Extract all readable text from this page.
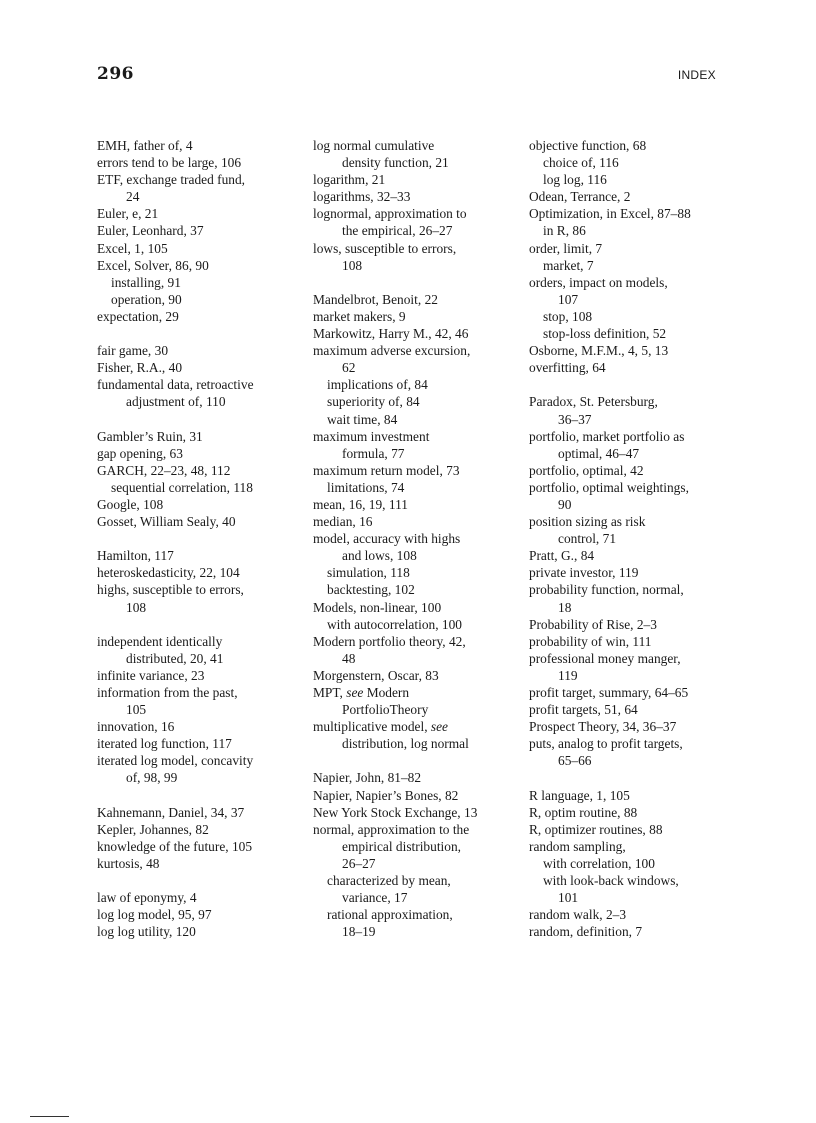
296	INDEX
EMH, father of, 4
errors tend to be large, 106
ETF, exchange traded fund,
24
Euler, e, 21
Euler, Leonhard, 37
Excel, 1, 105
Excel, Solver, 86, 90
installing, 91
operation, 90
expectation, 29
fair game, 30
Fisher, R.A., 40
fundamental data, retroactive
adjustment of, 110
Gambler’s Ruin, 31
gap opening, 63
GARCH, 22–23, 48, 112
sequential correlation, 118
Google, 108
Gosset, William Sealy, 40
Hamilton, 117
heteroskedasticity, 22, 104
highs, susceptible to errors,
108
independent identically
distributed, 20, 41
infinite variance, 23
information from the past,
105
innovation, 16
iterated log function, 117
iterated log model, concavity
of, 98, 99
Kahnemann, Daniel, 34, 37
Kepler, Johannes, 82
knowledge of the future, 105
kurtosis, 48
law of eponymy, 4
log log model, 95, 97
log log utility, 120
log normal cumulative
density function, 21
logarithm, 21
logarithms, 32–33
lognormal, approximation to
the empirical, 26–27
lows, susceptible to errors,
108
Mandelbrot, Benoit, 22
market makers, 9
Markowitz, Harry M., 42, 46
maximum adverse excursion,
62
implications of, 84
superiority of, 84
wait time, 84
maximum investment
formula, 77
maximum return model, 73
limitations, 74
mean, 16, 19, 111
median, 16
model, accuracy with highs
and lows, 108
simulation, 118
backtesting, 102
Models, non-linear, 100
with autocorrelation, 100
Modern portfolio theory, 42,
48
Morgenstern, Oscar, 83
MPT, see Modern
PortfolioTheory
multiplicative model, see
distribution, log normal
Napier, John, 81–82
Napier, Napier’s Bones, 82
New York Stock Exchange, 13
normal, approximation to the
empirical distribution,
26–27
characterized by mean,
variance, 17
rational approximation,
18–19
objective function, 68
choice of, 116
log log, 116
Odean, Terrance, 2
Optimization, in Excel, 87–88
in R, 86
order, limit, 7
market, 7
orders, impact on models,
107
stop, 108
stop-loss definition, 52
Osborne, M.F.M., 4, 5, 13
overfitting, 64
Paradox, St. Petersburg,
36–37
portfolio, market portfolio as
optimal, 46–47
portfolio, optimal, 42
portfolio, optimal weightings,
90
position sizing as risk
control, 71
Pratt, G., 84
private investor, 119
probability function, normal,
18
Probability of Rise, 2–3
probability of win, 111
professional money manger,
119
profit target, summary, 64–65
profit targets, 51, 64
Prospect Theory, 34, 36–37
puts, analog to profit targets,
65–66
R language, 1, 105
R, optim routine, 88
R, optimizer routines, 88
random sampling,
with correlation, 100
with look-back windows,
101
random walk, 2–3
random, definition, 7
